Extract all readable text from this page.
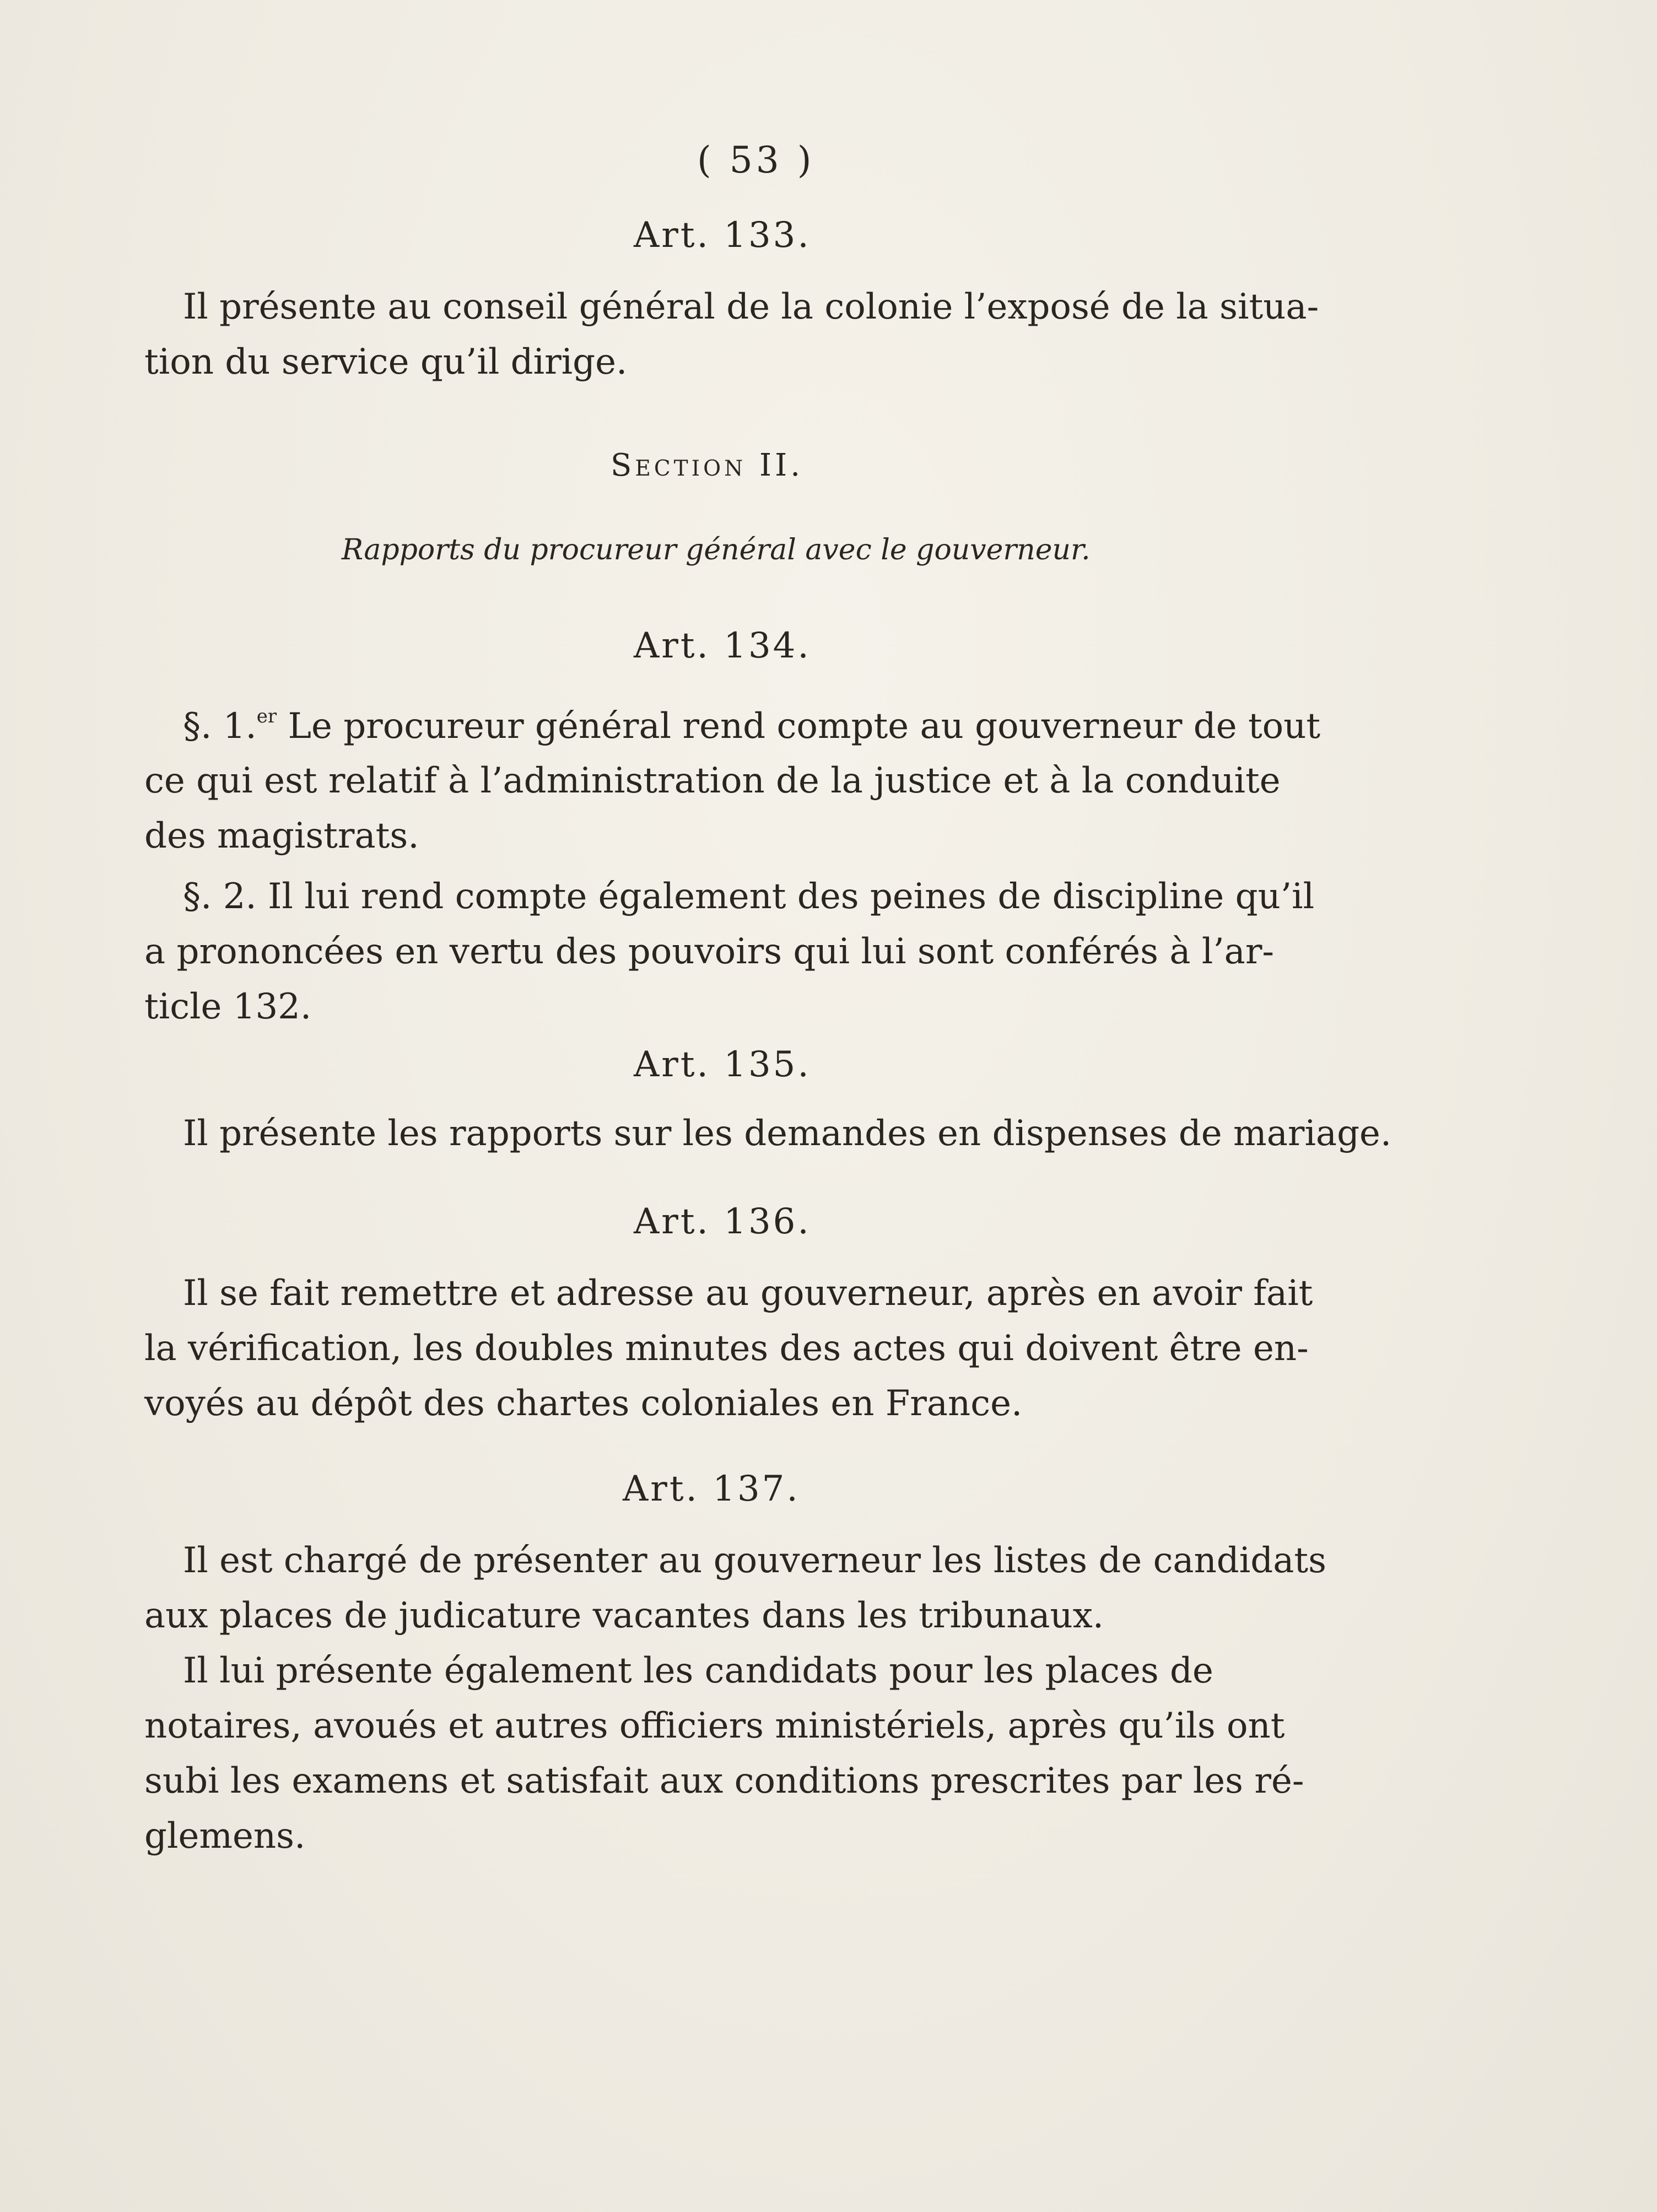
( 53 )
Art. 133.
Il présente au conseil général de la colonie l’exposé de la situa-
tion du service qu’il dirige.
Section II.
Rapports du procureur général avec le gouverneur.
Art. 134.
§. 1.$^{er}$ Le procureur général rend compte au gouverneur de tout
ce qui est relatif à l’administration de la justice et à la conduite
des magistrats.
§. 2. Il lui rend compte également des peines de discipline qu’il
a prononcées en vertu des pouvoirs qui lui sont conférés à l’ar-
ticle 132.
Art. 135.
Il présente les rapports sur les demandes en dispenses de mariage.
Art. 136.
Il se fait remettre et adresse au gouverneur, après en avoir fait
la vérification, les doubles minutes des actes qui doivent être en-
voyés au dépôt des chartes coloniales en France.
Art. 137.
Il est chargé de présenter au gouverneur les listes de candidats
aux places de judicature vacantes dans les tribunaux.
Il lui présente également les candidats pour les places de
notaires, avoués et autres officiers ministériels, après qu’ils ont
subi les examens et satisfait aux conditions prescrites par les ré-
glemens.
